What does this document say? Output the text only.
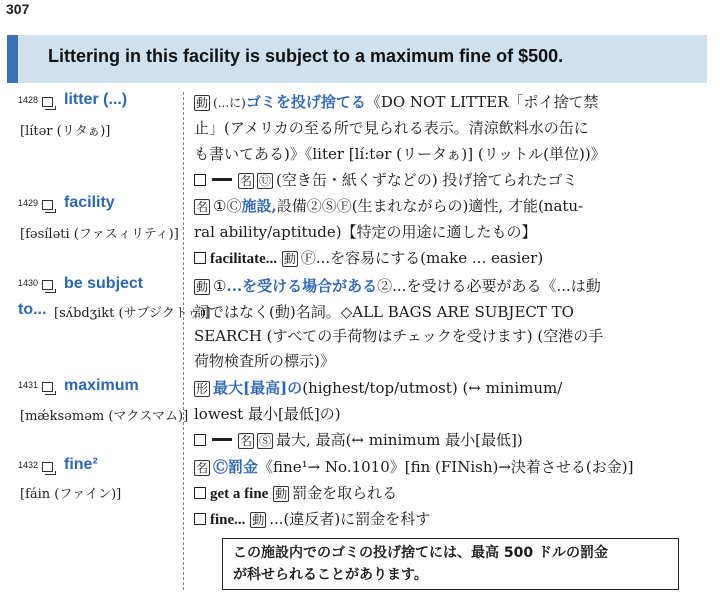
307
Littering in this facility is subject to a maximum fine of $500.
1428 litter (...)
[lítər (リタぁ)]
動 (...に)ゴミを投げ捨てる《DO NOT LITTER「ポイ捨て禁
止」(アメリカの至る所で見られる表示。清涼飲料水の缶に
も書いてある)》《liter [lí:tər (リータぁ)] (リットル(単位))》
名 Ⓤ (空き缶・紙くずなどの) 投げ捨てられたゴミ
1429 facility
[fəsíləti (ファスィリティ)]
名 ①Ⓒ施設,設備②ⓈⒻ(生まれながらの)適性, 才能(natu-
ral ability/aptitude)【特定の用途に適したもの】
facilitate... 動 Ⓕ...を容易にする(make ... easier)
1430 be subject
to... [sʌ́bdʒikt (サブジクトゥ)]
動 ①...を受ける場合がある②...を受ける必要がある《...は動
詞ではなく(動)名詞。◇ALL BAGS ARE SUBJECT TO
SEARCH (すべての手荷物はチェックを受けます) (空港の手
荷物検査所の標示)》
1431 maximum
[mǽksəməm (マクスマム)]
形 最大[最高]の(highest/top/utmost) (↔ minimum/
lowest 最小[最低]の)
名 Ⓢ 最大, 最高(↔ minimum 最小[最低])
1432 fine²
[fáin (ファイン)]
名 Ⓒ罰金《fine¹→ No.1010》[fin (FINish)→決着させる(お金)]
get a fine 動 罰金を取られる
fine... 動 ...(違反者)に罰金を科す
この施設内でのゴミの投げ捨てには、最高 500 ドルの罰金
が科せられることがあります。
